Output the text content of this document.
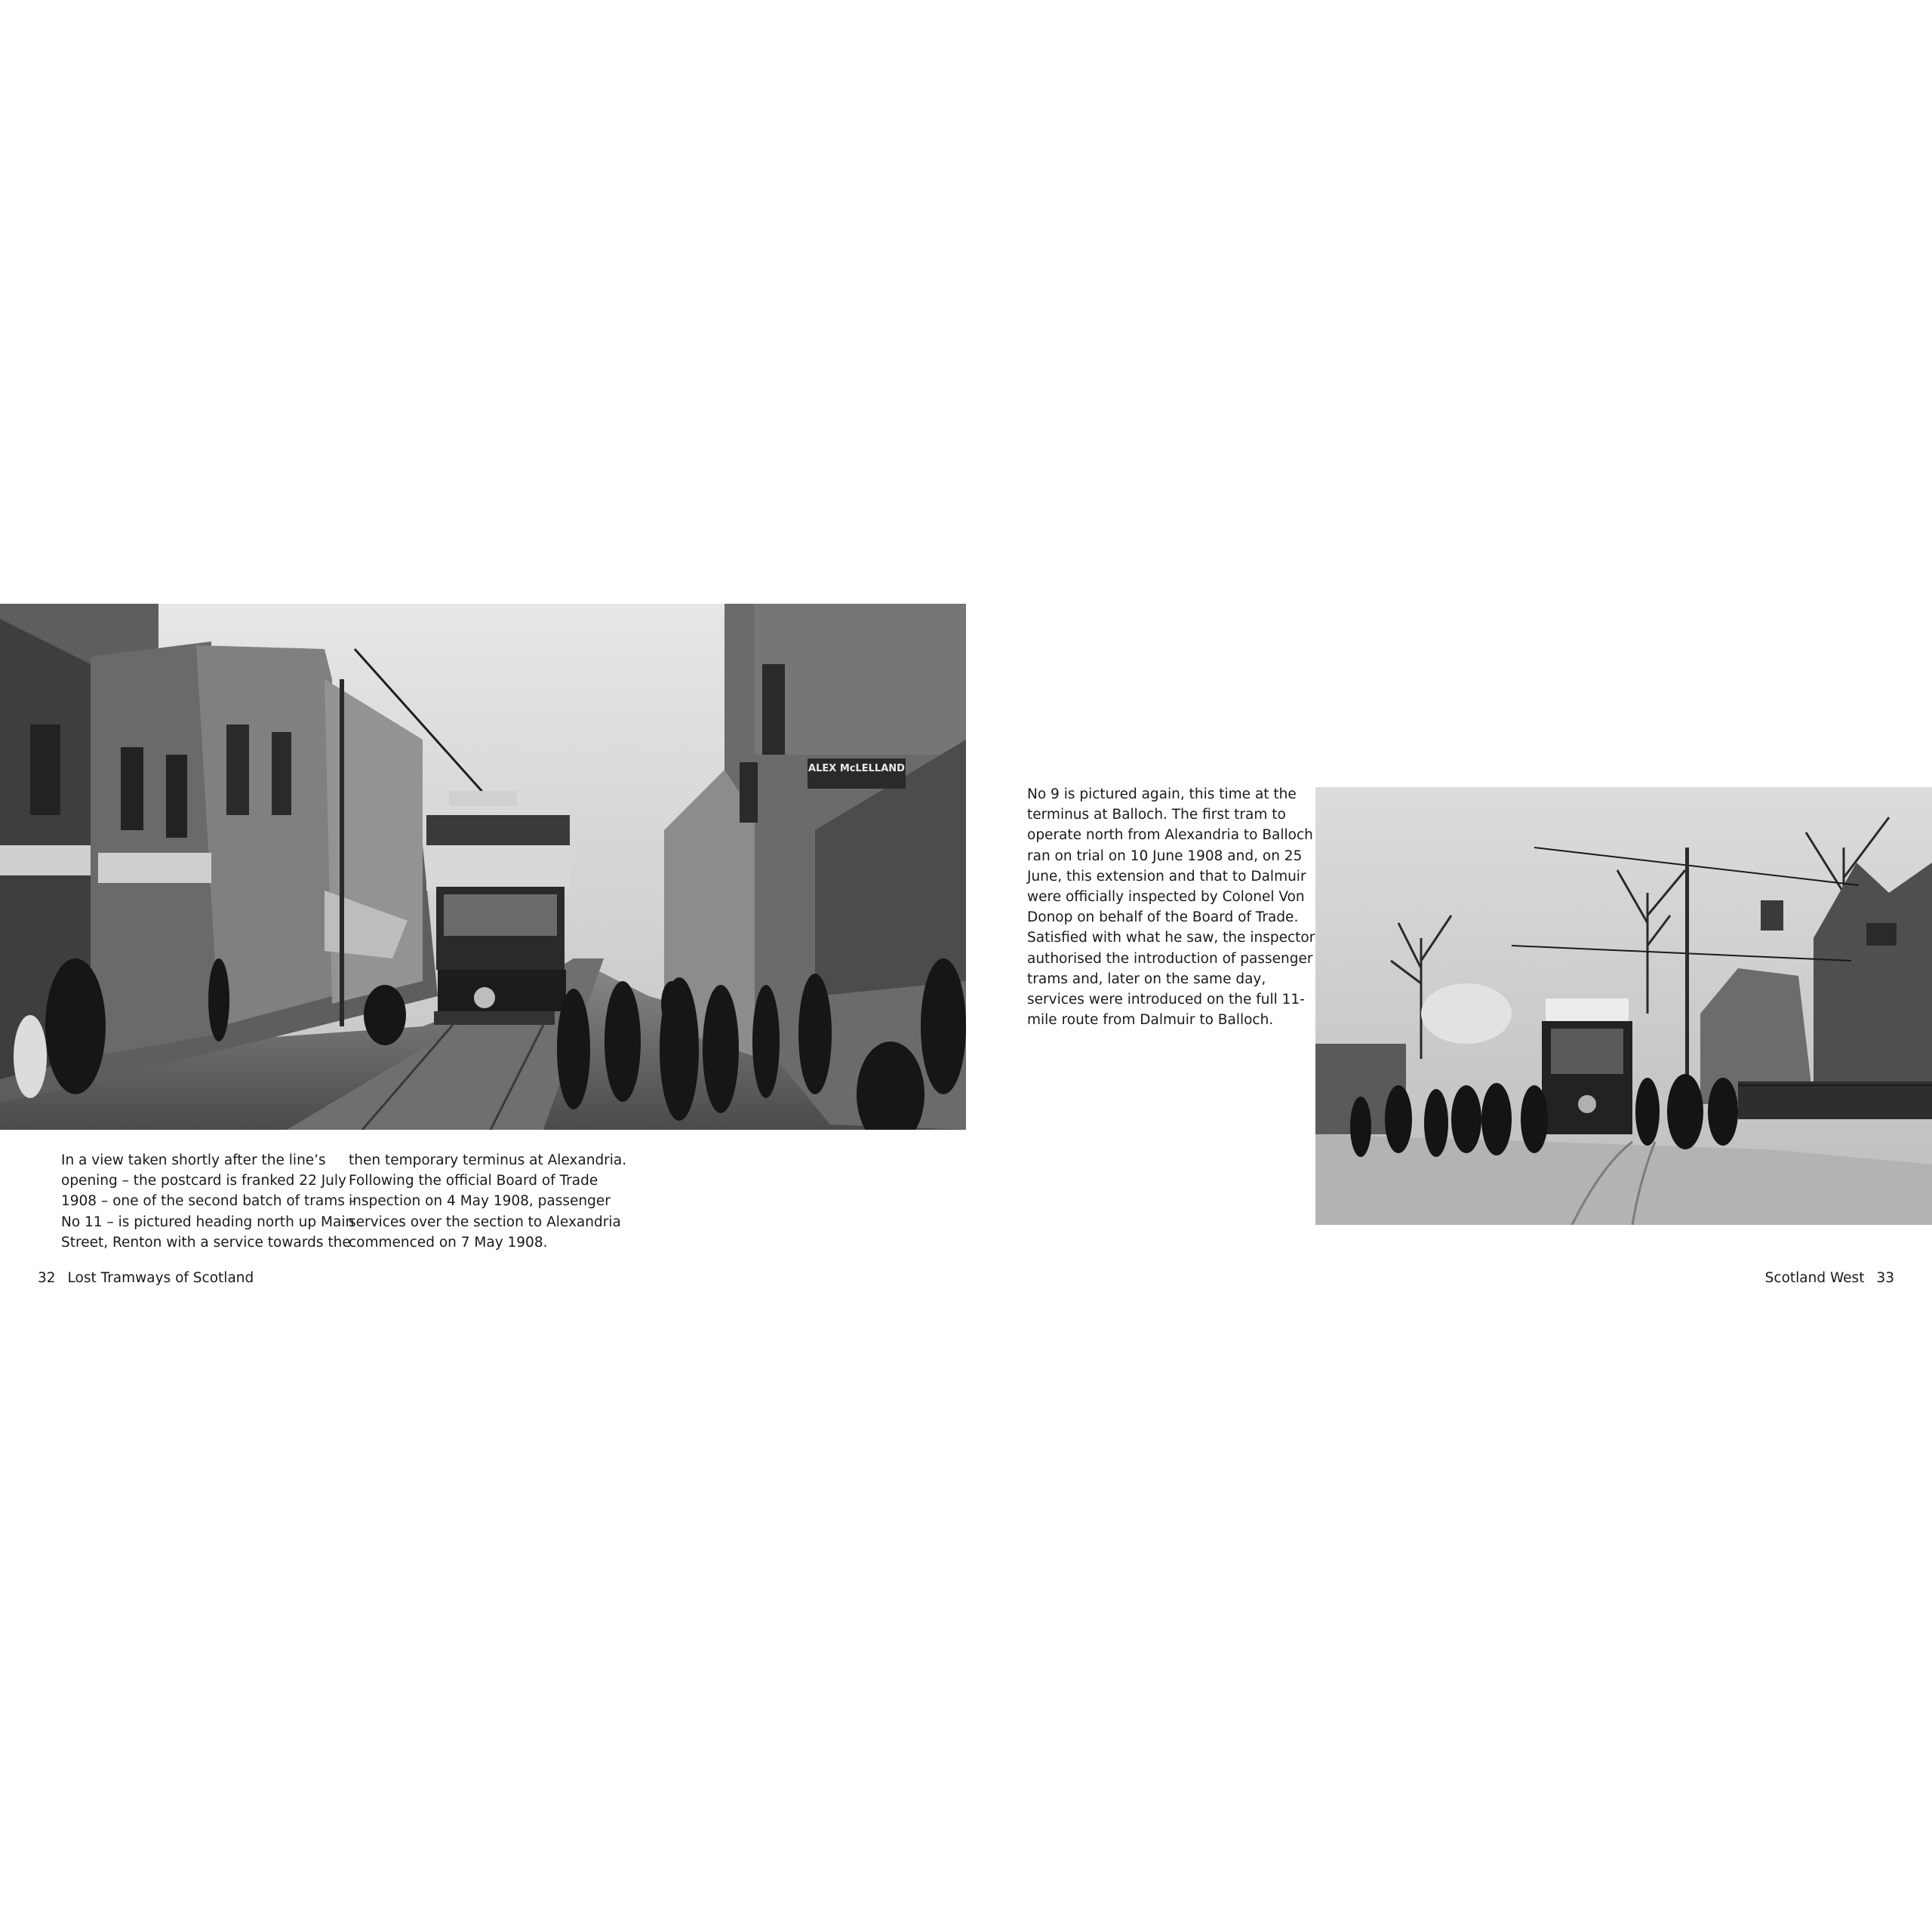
ALEX McLELLAND

In a view taken shortly after the line’s
opening – the postcard is franked 22 July
1908 – one of the second batch of trams –
No 11 – is pictured heading north up Main
Street, Renton with a service towards the

then temporary terminus at Alexandria.
Following the official Board of Trade
inspection on 4 May 1908, passenger
services over the section to Alexandria
commenced on 7 May 1908.

No 9 is pictured again, this time at the
terminus at Balloch. The first tram to
operate north from Alexandria to Balloch
ran on trial on 10 June 1908 and, on 25
June, this extension and that to Dalmuir
were officially inspected by Colonel Von
Donop on behalf of the Board of Trade.
Satisfied with what he saw, the inspector
authorised the introduction of passenger
trams and, later on the same day,
services were introduced on the full 11-
mile route from Dalmuir to Balloch.

32 Lost Tramways of Scotland	Scotland West 33
